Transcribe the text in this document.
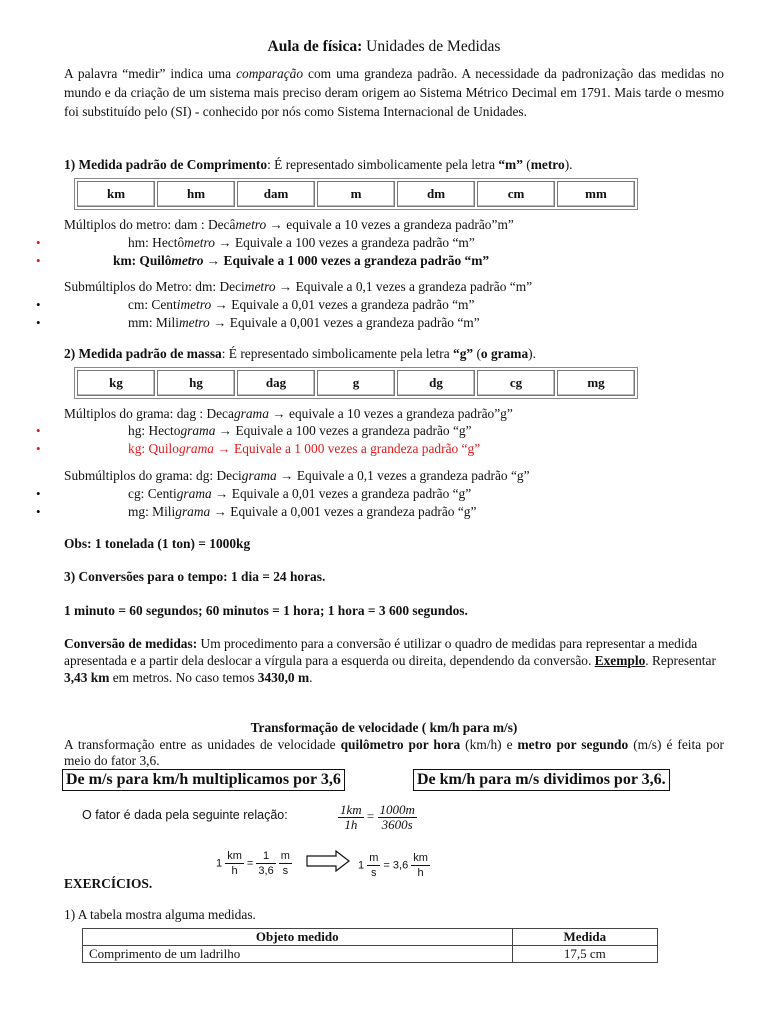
Aula de física: Unidades de Medidas
A palavra “medir” indica uma comparação com uma grandeza padrão. A necessidade da padronização das medidas no mundo e da criação de um sistema mais preciso deram origem ao Sistema Métrico Decimal em 1791. Mais tarde o mesmo foi substituído pelo (SI) - conhecido por nós como Sistema Internacional de Unidades.
1) Medida padrão de Comprimento: É representado simbolicamente pela letra “m” (metro).
km	hm	dam	m	dm	cm	mm
Múltiplos do metro: dam : Decâmetro → equivale a 10 vezes a grandeza padrão”m”
•	hm: Hectômetro → Equivale a 100 vezes a grandeza padrão “m”
•	km: Quilômetro → Equivale a 1 000 vezes a grandeza padrão “m”
Submúltiplos do Metro: dm: Decimetro → Equivale a 0,1 vezes a grandeza padrão “m”
•	cm: Centimetro → Equivale a 0,01 vezes a grandeza padrão “m”
•	mm: Milimetro → Equivale a 0,001 vezes a grandeza padrão “m”
2) Medida padrão de massa: É representado simbolicamente pela letra “g” (o grama).
kg	hg	dag	g	dg	cg	mg
Múltiplos do grama: dag : Decagrama → equivale a 10 vezes a grandeza padrão”g”
•	hg: Hectograma → Equivale a 100 vezes a grandeza padrão “g”
•	kg: Quilograma → Equivale a 1 000 vezes a grandeza padrão “g”
Submúltiplos do grama: dg: Decigrama → Equivale a 0,1 vezes a grandeza padrão “g”
•	cg: Centigrama → Equivale a 0,01 vezes a grandeza padrão “g”
•	mg: Miligrama → Equivale a 0,001 vezes a grandeza padrão “g”
Obs: 1 tonelada (1 ton) = 1000kg
3) Conversões para o tempo: 1 dia = 24 horas.
1 minuto = 60 segundos; 60 minutos = 1 hora; 1 hora = 3 600 segundos.
Conversão de medidas: Um procedimento para a conversão é utilizar o quadro de medidas para representar a medida apresentada e a partir dela deslocar a vírgula para a esquerda ou direita, dependendo da conversão. Exemplo. Representar 3,43 km em metros. No caso temos 3430,0 m.
Transformação de velocidade ( km/h para m/s)
A transformação entre as unidades de velocidade quilômetro por hora (km/h) e metro por segundo (m/s) é feita por meio do fator 3,6.
De m/s para km/h multiplicamos por 3,6	De km/h para m/s dividimos por 3,6.
O fator é dada pela seguinte relação:	$\frac{1km}{1h} = \frac{1000m}{3600s}$
$1 \frac{km}{h} = \frac{1}{3,6}$
$\frac{m}{s}$	$1 \frac{m}{s} = 3,6 \frac{km}{h}$
EXERCÍCIOS.
1) A tabela mostra alguma medidas.
Objeto medido	Medida
Comprimento de um ladrilho	17,5 cm
